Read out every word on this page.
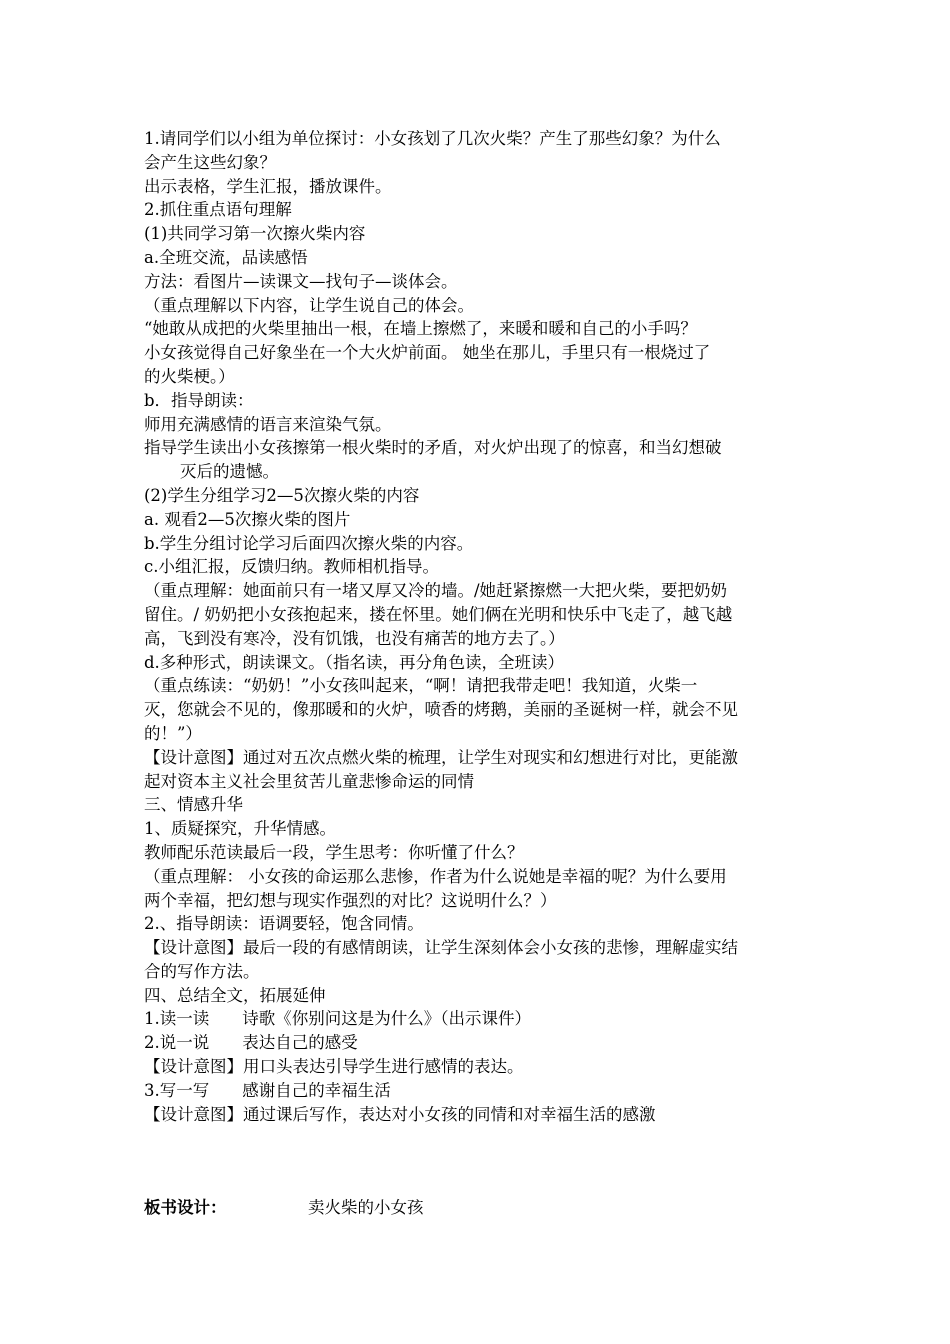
1.请同学们以小组为单位探讨：小女孩划了几次火柴？产生了那些幻象？为什么
会产生这些幻象？
出示表格，学生汇报，播放课件。
2.抓住重点语句理解
(1)共同学习第一次擦火柴内容
a.全班交流，品读感悟
方法：看图片—读课文—找句子—谈体会。
（重点理解以下内容，让学生说自己的体会。
“她敢从成把的火柴里抽出一根，在墙上擦燃了，来暖和暖和自己的小手吗？
小女孩觉得自己好象坐在一个大火炉前面。 她坐在那儿，手里只有一根烧过了
的火柴梗。）
b．指导朗读：
师用充满感情的语言来渲染气氛。
指导学生读出小女孩擦第一根火柴时的矛盾，对火炉出现了的惊喜，和当幻想破
灭后的遗憾。
(2)学生分组学习2—5次擦火柴的内容
a. 观看2—5次擦火柴的图片
b.学生分组讨论学习后面四次擦火柴的内容。
c.小组汇报，反馈归纳。教师相机指导。
（重点理解：她面前只有一堵又厚又冷的墙。/她赶紧擦燃一大把火柴，要把奶奶
留住。/ 奶奶把小女孩抱起来，搂在怀里。她们俩在光明和快乐中飞走了，越飞越
高，飞到没有寒冷，没有饥饿，也没有痛苦的地方去了。）
d.多种形式，朗读课文。（指名读，再分角色读，全班读）
（重点练读：“奶奶！”小女孩叫起来，“啊！请把我带走吧！我知道，火柴一
灭，您就会不见的，像那暖和的火炉，喷香的烤鹅，美丽的圣诞树一样，就会不见
的！”）
【设计意图】通过对五次点燃火柴的梳理，让学生对现实和幻想进行对比，更能激
起对资本主义社会里贫苦儿童悲惨命运的同情
三、情感升华
1、质疑探究，升华情感。
教师配乐范读最后一段，学生思考：你听懂了什么？
（重点理解： 小女孩的命运那么悲惨，作者为什么说她是幸福的呢？为什么要用
两个幸福，把幻想与现实作强烈的对比？这说明什么？）
2.、指导朗读：语调要轻，饱含同情。
【设计意图】最后一段的有感情朗读，让学生深刻体会小女孩的悲惨，理解虚实结
合的写作方法。
四、总结全文，拓展延伸
1.读一读　　诗歌《你别问这是为什么》（出示课件）
2.说一说　　表达自己的感受
【设计意图】用口头表达引导学生进行感情的表达。
3.写一写　　感谢自己的幸福生活
【设计意图】通过课后写作，表达对小女孩的同情和对幸福生活的感激
板书设计：	卖火柴的小女孩
